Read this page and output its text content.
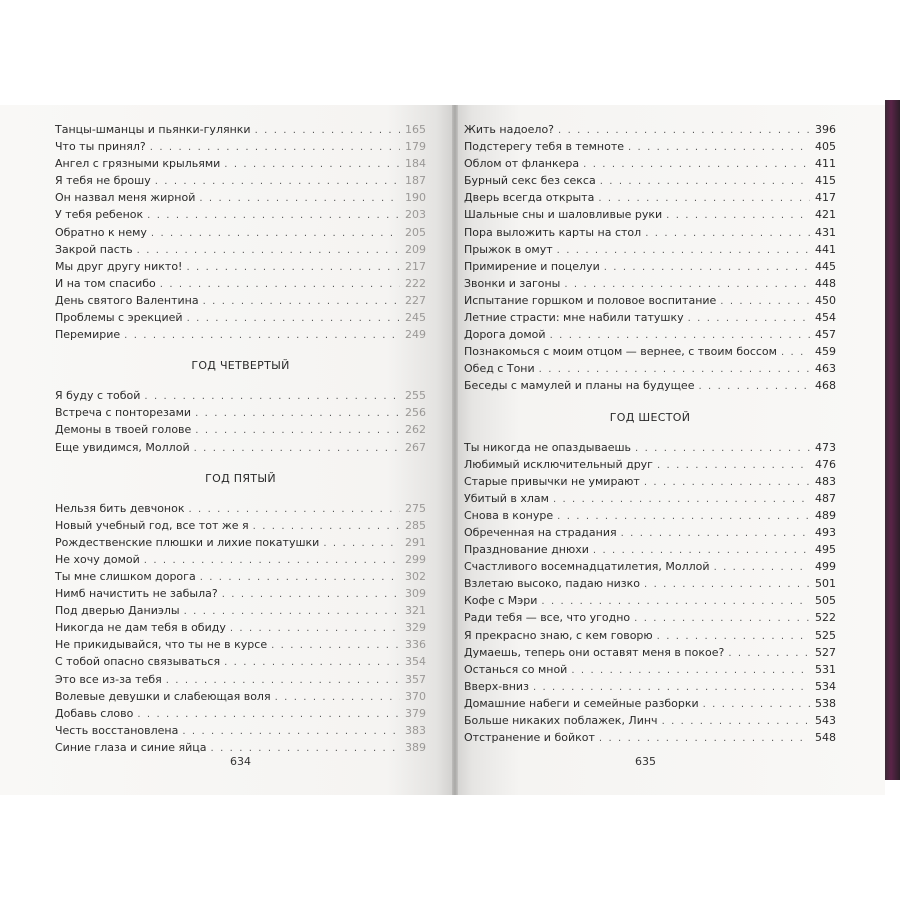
Танцы-шманцы и пьянки-гулянки . . .	165
Что ты принял? . . .	179
Ангел с грязными крыльями . . .	184
Я тебя не брошу . . .	187
Он назвал меня жирной . . .	190
У тебя ребенок . . .	203
Обратно к нему . . .	205
Закрой пасть . . .	209
Мы друг другу никто! . . .	217
И на том спасибо . . .	222
День святого Валентина . . .	227
Проблемы с эрекцией . . .	245
Перемирие . . .	249
ГОД ЧЕТВЕРТЫЙ
Я буду с тобой . . .	255
Встреча с понторезами . . .	256
Демоны в твоей голове . . .	262
Еще увидимся, Моллой . . .	267
ГОД ПЯТЫЙ
Нельзя бить девчонок . . .	275
Новый учебный год, все тот же я . . .	285
Рождественские плюшки и лихие покатушки . . .	291
Не хочу домой . . .	299
Ты мне слишком дорога . . .	302
Нимб начистить не забыла? . . .	309
Под дверью Даниэлы . . .	321
Никогда не дам тебя в обиду . . .	329
Не прикидывайся, что ты не в курсе . . .	336
С тобой опасно связываться . . .	354
Это все из-за тебя . . .	357
Волевые девушки и слабеющая воля . . .	370
Добавь слово . . .	379
Честь восстановлена . . .	383
Синие глаза и синие яйца . . .	389
634
Жить надоело? . . .	396
Подстерегу тебя в темноте . . .	405
Облом от фланкера . . .	411
Бурный секс без секса . . .	415
Дверь всегда открыта . . .	417
Шальные сны и шаловливые руки . . .	421
Пора выложить карты на стол . . .	431
Прыжок в омут . . .	441
Примирение и поцелуи . . .	445
Звонки и загоны . . .	448
Испытание горшком и половое воспитание . . .	450
Летние страсти: мне набили татушку . . .	454
Дорога домой . . .	457
Познакомься с моим отцом — вернее, с твоим боссом . . .	459
Обед с Тони . . .	463
Беседы с мамулей и планы на будущее . . .	468
ГОД ШЕСТОЙ
Ты никогда не опаздываешь . . .	473
Любимый исключительный друг . . .	476
Старые привычки не умирают . . .	483
Убитый в хлам . . .	487
Снова в конуре . . .	489
Обреченная на страдания . . .	493
Празднование днюхи . . .	495
Счастливого восемнадцатилетия, Моллой . . .	499
Взлетаю высоко, падаю низко . . .	501
Кофе с Мэри . . .	505
Ради тебя — все, что угодно . . .	522
Я прекрасно знаю, с кем говорю . . .	525
Думаешь, теперь они оставят меня в покое? . . .	527
Останься со мной . . .	531
Вверх-вниз . . .	534
Домашние набеги и семейные разборки . . .	538
Больше никаких поблажек, Линч . . .	543
Отстранение и бойкот . . .	548
635
